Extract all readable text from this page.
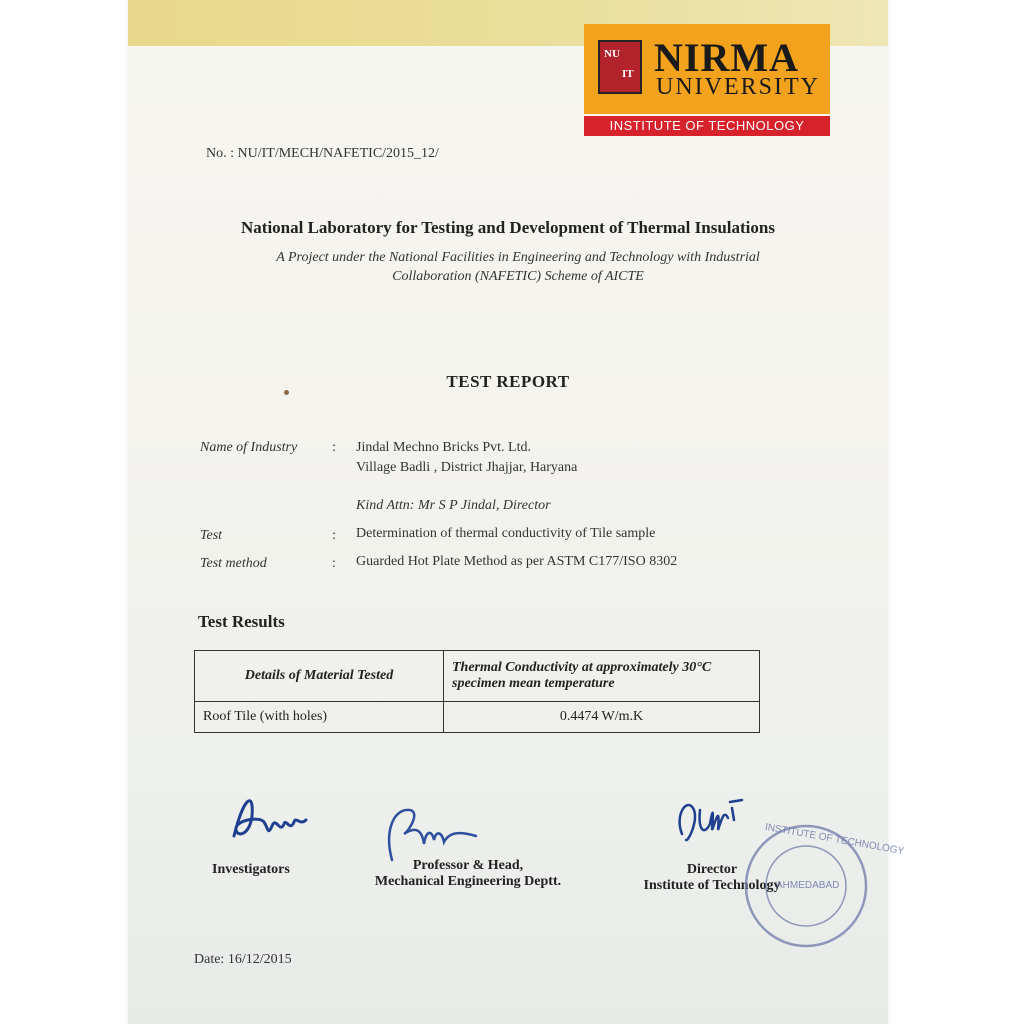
NU
IT NIRMA
UNIVERSITY
INSTITUTE OF TECHNOLOGY
No. : NU/IT/MECH/NAFETIC/2015_12/
National Laboratory for Testing and Development of Thermal Insulations
A Project under the National Facilities in Engineering and Technology with Industrial
Collaboration (NAFETIC) Scheme of AICTE
TEST REPORT
Name of Industry : Jindal Mechno Bricks Pvt. Ltd.
Village Badli , District Jhajjar, Haryana
Kind Attn: Mr S P Jindal, Director
Test	: Determination of thermal conductivity of Tile sample
Test method	: Guarded Hot Plate Method as per ASTM C177/ISO 8302
Test Results
Details of Material Tested	Thermal Conductivity at approximately 30°C specimen mean temperature
Roof Tile (with holes)	0.4474 W/m.K
Investigators	Professor & Head,
Mechanical Engineering Deptt.
Director
Institute of Technology
INSTITUTE OF TECHNOLOGY
AHMEDABAD
Date: 16/12/2015
